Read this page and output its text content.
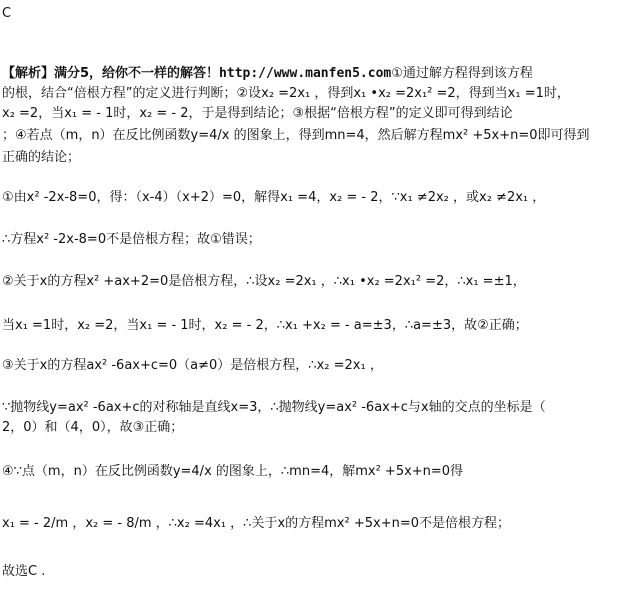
C
【解析】满分5，给你不一样的解答！http://www.manfen5.com①通过解方程得到该方程
的根，结合“倍根方程”的定义进行判断；②设x₂ =2x₁ ，得到x₁ •x₂ =2x₁² =2，得到当x₁ =1时，
x₂ =2，当x₁ = - 1时，x₂ = - 2，于是得到结论；③根据“倍根方程”的定义即可得到结论
；④若点（m，n）在反比例函数y=4/x 的图象上，得到mn=4，然后解方程mx² +5x+n=0即可得到
正确的结论；
①由x² -2x-8=0，得：（x-4）（x+2）=0，解得x₁ =4，x₂ = - 2，∵x₁ ≠2x₂ ，或x₂ ≠2x₁ ，
∴方程x² -2x-8=0不是倍根方程；故①错误；
②关于x的方程x² +ax+2=0是倍根方程，∴设x₂ =2x₁ ，∴x₁ •x₂ =2x₁² =2，∴x₁ =±1，
当x₁ =1时，x₂ =2，当x₁ = - 1时，x₂ = - 2，∴x₁ +x₂ = - a=±3，∴a=±3，故②正确；
③关于x的方程ax² -6ax+c=0（a≠0）是倍根方程，∴x₂ =2x₁ ，
∵抛物线y=ax² -6ax+c的对称轴是直线x=3，∴抛物线y=ax² -6ax+c与x轴的交点的坐标是（
2，0）和（4，0），故③正确；
④∵点（m，n）在反比例函数y=4/x 的图象上，∴mn=4，解mx² +5x+n=0得
x₁ = - 2/m ，x₂ = - 8/m ，∴x₂ =4x₁ ，∴关于x的方程mx² +5x+n=0不是倍根方程；
故选C .
